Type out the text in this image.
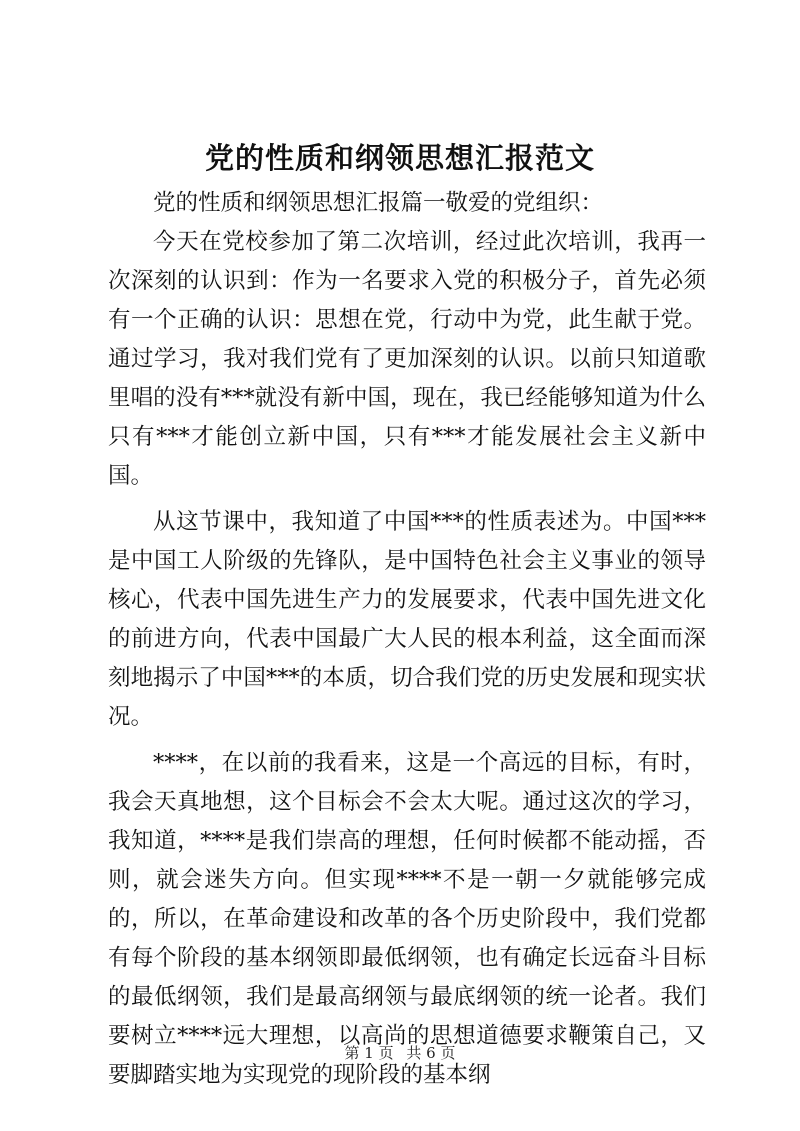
党的性质和纲领思想汇报范文

党的性质和纲领思想汇报篇一敬爱的党组织：

今天在党校参加了第二次培训，经过此次培训，我再一次深刻的认识到：作为一名要求入党的积极分子，首先必须有一个正确的认识：思想在党，行动中为党，此生献于党。通过学习，我对我们党有了更加深刻的认识。以前只知道歌里唱的没有***就没有新中国，现在，我已经能够知道为什么只有***才能创立新中国，只有***才能发展社会主义新中国。

从这节课中，我知道了中国***的性质表述为。中国***是中国工人阶级的先锋队，是中国特色社会主义事业的领导核心，代表中国先进生产力的发展要求，代表中国先进文化的前进方向，代表中国最广大人民的根本利益，这全面而深刻地揭示了中国***的本质，切合我们党的历史发展和现实状况。

****，在以前的我看来，这是一个高远的目标，有时，我会天真地想，这个目标会不会太大呢。通过这次的学习，我知道，****是我们崇高的理想，任何时候都不能动摇，否则，就会迷失方向。但实现****不是一朝一夕就能够完成的，所以，在革命建设和改革的各个历史阶段中，我们党都有每个阶段的基本纲领即最低纲领，也有确定长远奋斗目标的最低纲领，我们是最高纲领与最底纲领的统一论者。我们要树立****远大理想，以高尚的思想道德要求鞭策自己，又要脚踏实地为实现党的现阶段的基本纲

第 1 页 共 6 页
